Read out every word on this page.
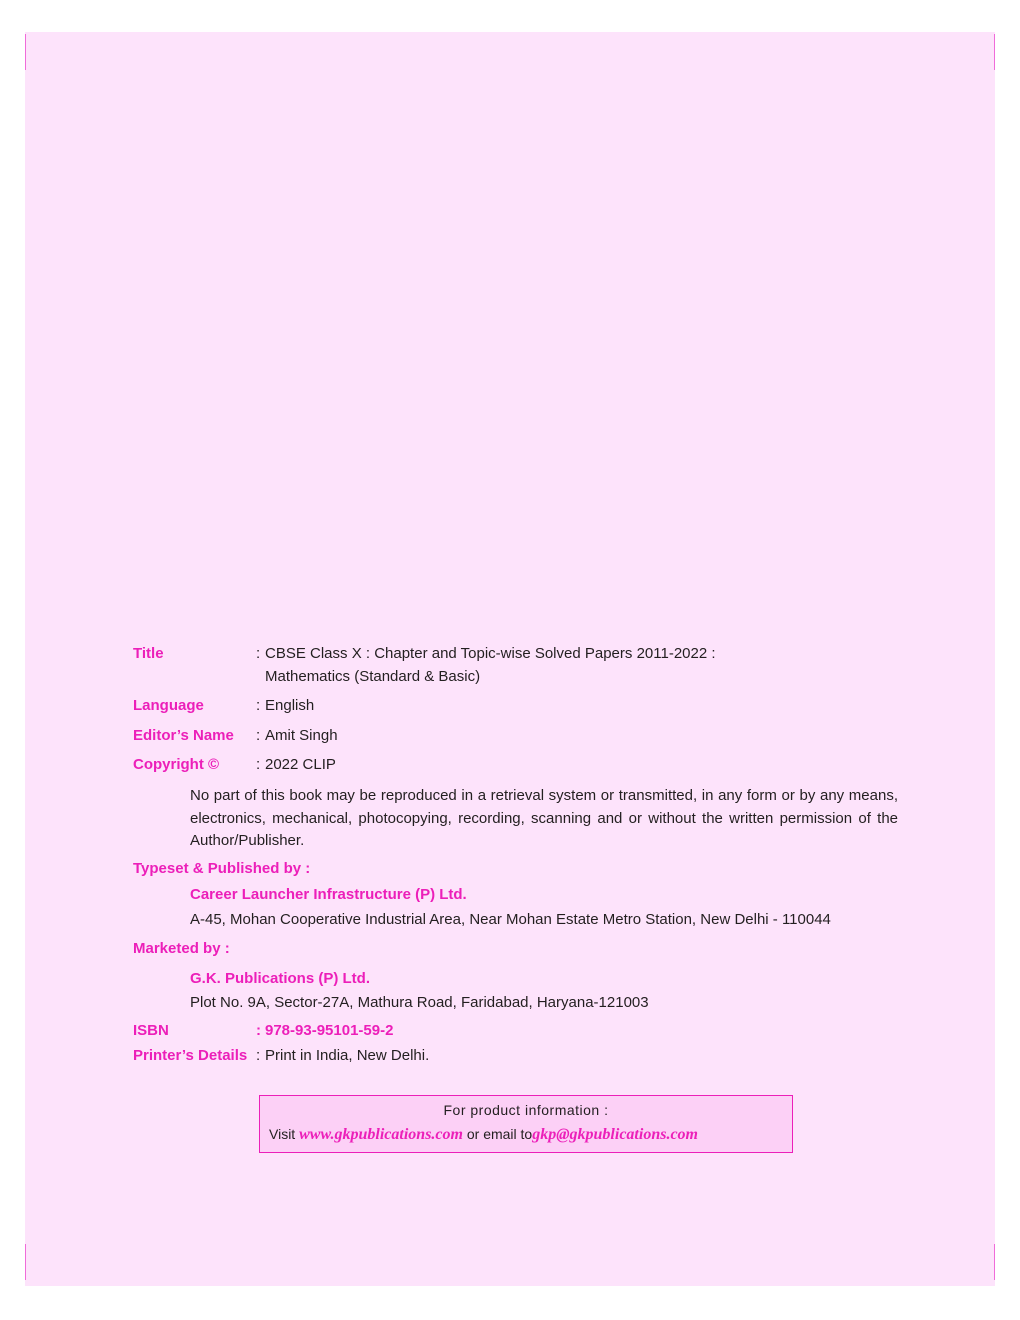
Title	: CBSE Class X : Chapter and Topic-wise Solved Papers 2011-2022 :
Mathematics (Standard & Basic)
Language	: English
Editor’s Name : Amit Singh
Copyright © : 2022 CLIP
No part of this book may be reproduced in a retrieval system or transmitted, in any form or by any means, electronics, mechanical, photocopying, recording, scanning and or without the written permission of the Author/Publisher.
Typeset & Published by :
Career Launcher Infrastructure (P) Ltd.
A-45, Mohan Cooperative Industrial Area, Near Mohan Estate Metro Station, New Delhi - 110044
Marketed by :
G.K. Publications (P) Ltd.
Plot No. 9A, Sector-27A, Mathura Road, Faridabad, Haryana-121003
ISBN	: 978-93-95101-59-2
Printer’s Details : Print in India, New Delhi.
For product information :
Visit www.gkpublications.com or email togkp@gkpublications.com
